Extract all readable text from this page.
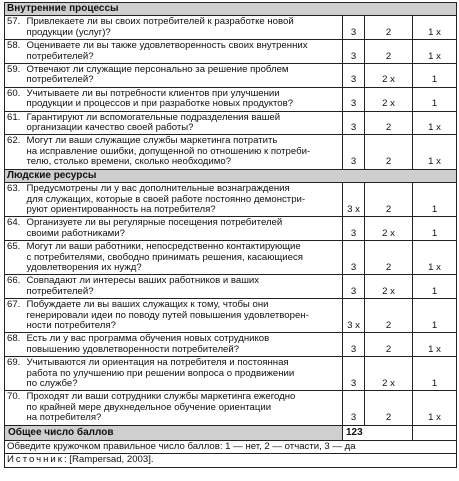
Внутренние процессы				
57.	Привлекаете ли вы своих потребителей к разработке новой
продукции (услуг)?	3	2	1 x
58.	Оцениваете ли вы также удовлетворенность своих внутренних
потребителей?	3	2	1 x
59.	Отвечают ли служащие персонально за решение проблем
потребителей?	3	2 x	1
60.	Учитываете ли вы потребности клиентов при улучшении
продукции и процессов и при разработке новых продуктов?	3	2 x	1
61.	Гарантируют ли вспомогательные подразделения вашей
организации качество своей работы?	3	2	1 x
62.	Могут ли ваши служащие службы маркетинга потратить
на исправление ошибки, допущенной по отношению к потреби-
телю, столько времени, сколько необходимо?	3	2	1 x
Людские ресурсы				
63.	Предусмотрены ли у вас дополнительные вознаграждения
для служащих, которые в своей работе постоянно демонстри-
руют ориентированность на потребителя?	3 x	2	1
64.	Организуете ли вы регулярные посещения потребителей
своими работниками?	3	2 x	1
65.	Могут ли ваши работники, непосредственно контактирующие
с потребителями, свободно принимать решения, касающиеся
удовлетворения их нужд?	3	2	1 x
66.	Совпадают ли интересы ваших работников и ваших
потребителей?	3	2 x	1
67.	Побуждаете ли вы ваших служащих к тому, чтобы они
генерировали идеи по поводу путей повышения удовлетворен-
ности потребителя?	3 x	2	1
68.	Есть ли у вас программа обучения новых сотрудников
повышению удовлетворенности потребителей?	3	2	1 x
69.	Учитываются ли ориентация на потребителя и постоянная
работа по улучшению при решении вопроса о продвижении
по службе?	3	2 x	1
70.	Проходят ли ваши сотрудники службы маркетинга ежегодно
по крайней мере двухнедельное обучение ориентации
на потребителя?	3	2	1 x
Общее число баллов		123		
Обведите кружочком правильное число баллов: 1 — нет, 2 — отчасти, 3 — да				
Источник: [Rampersad, 2003].				
